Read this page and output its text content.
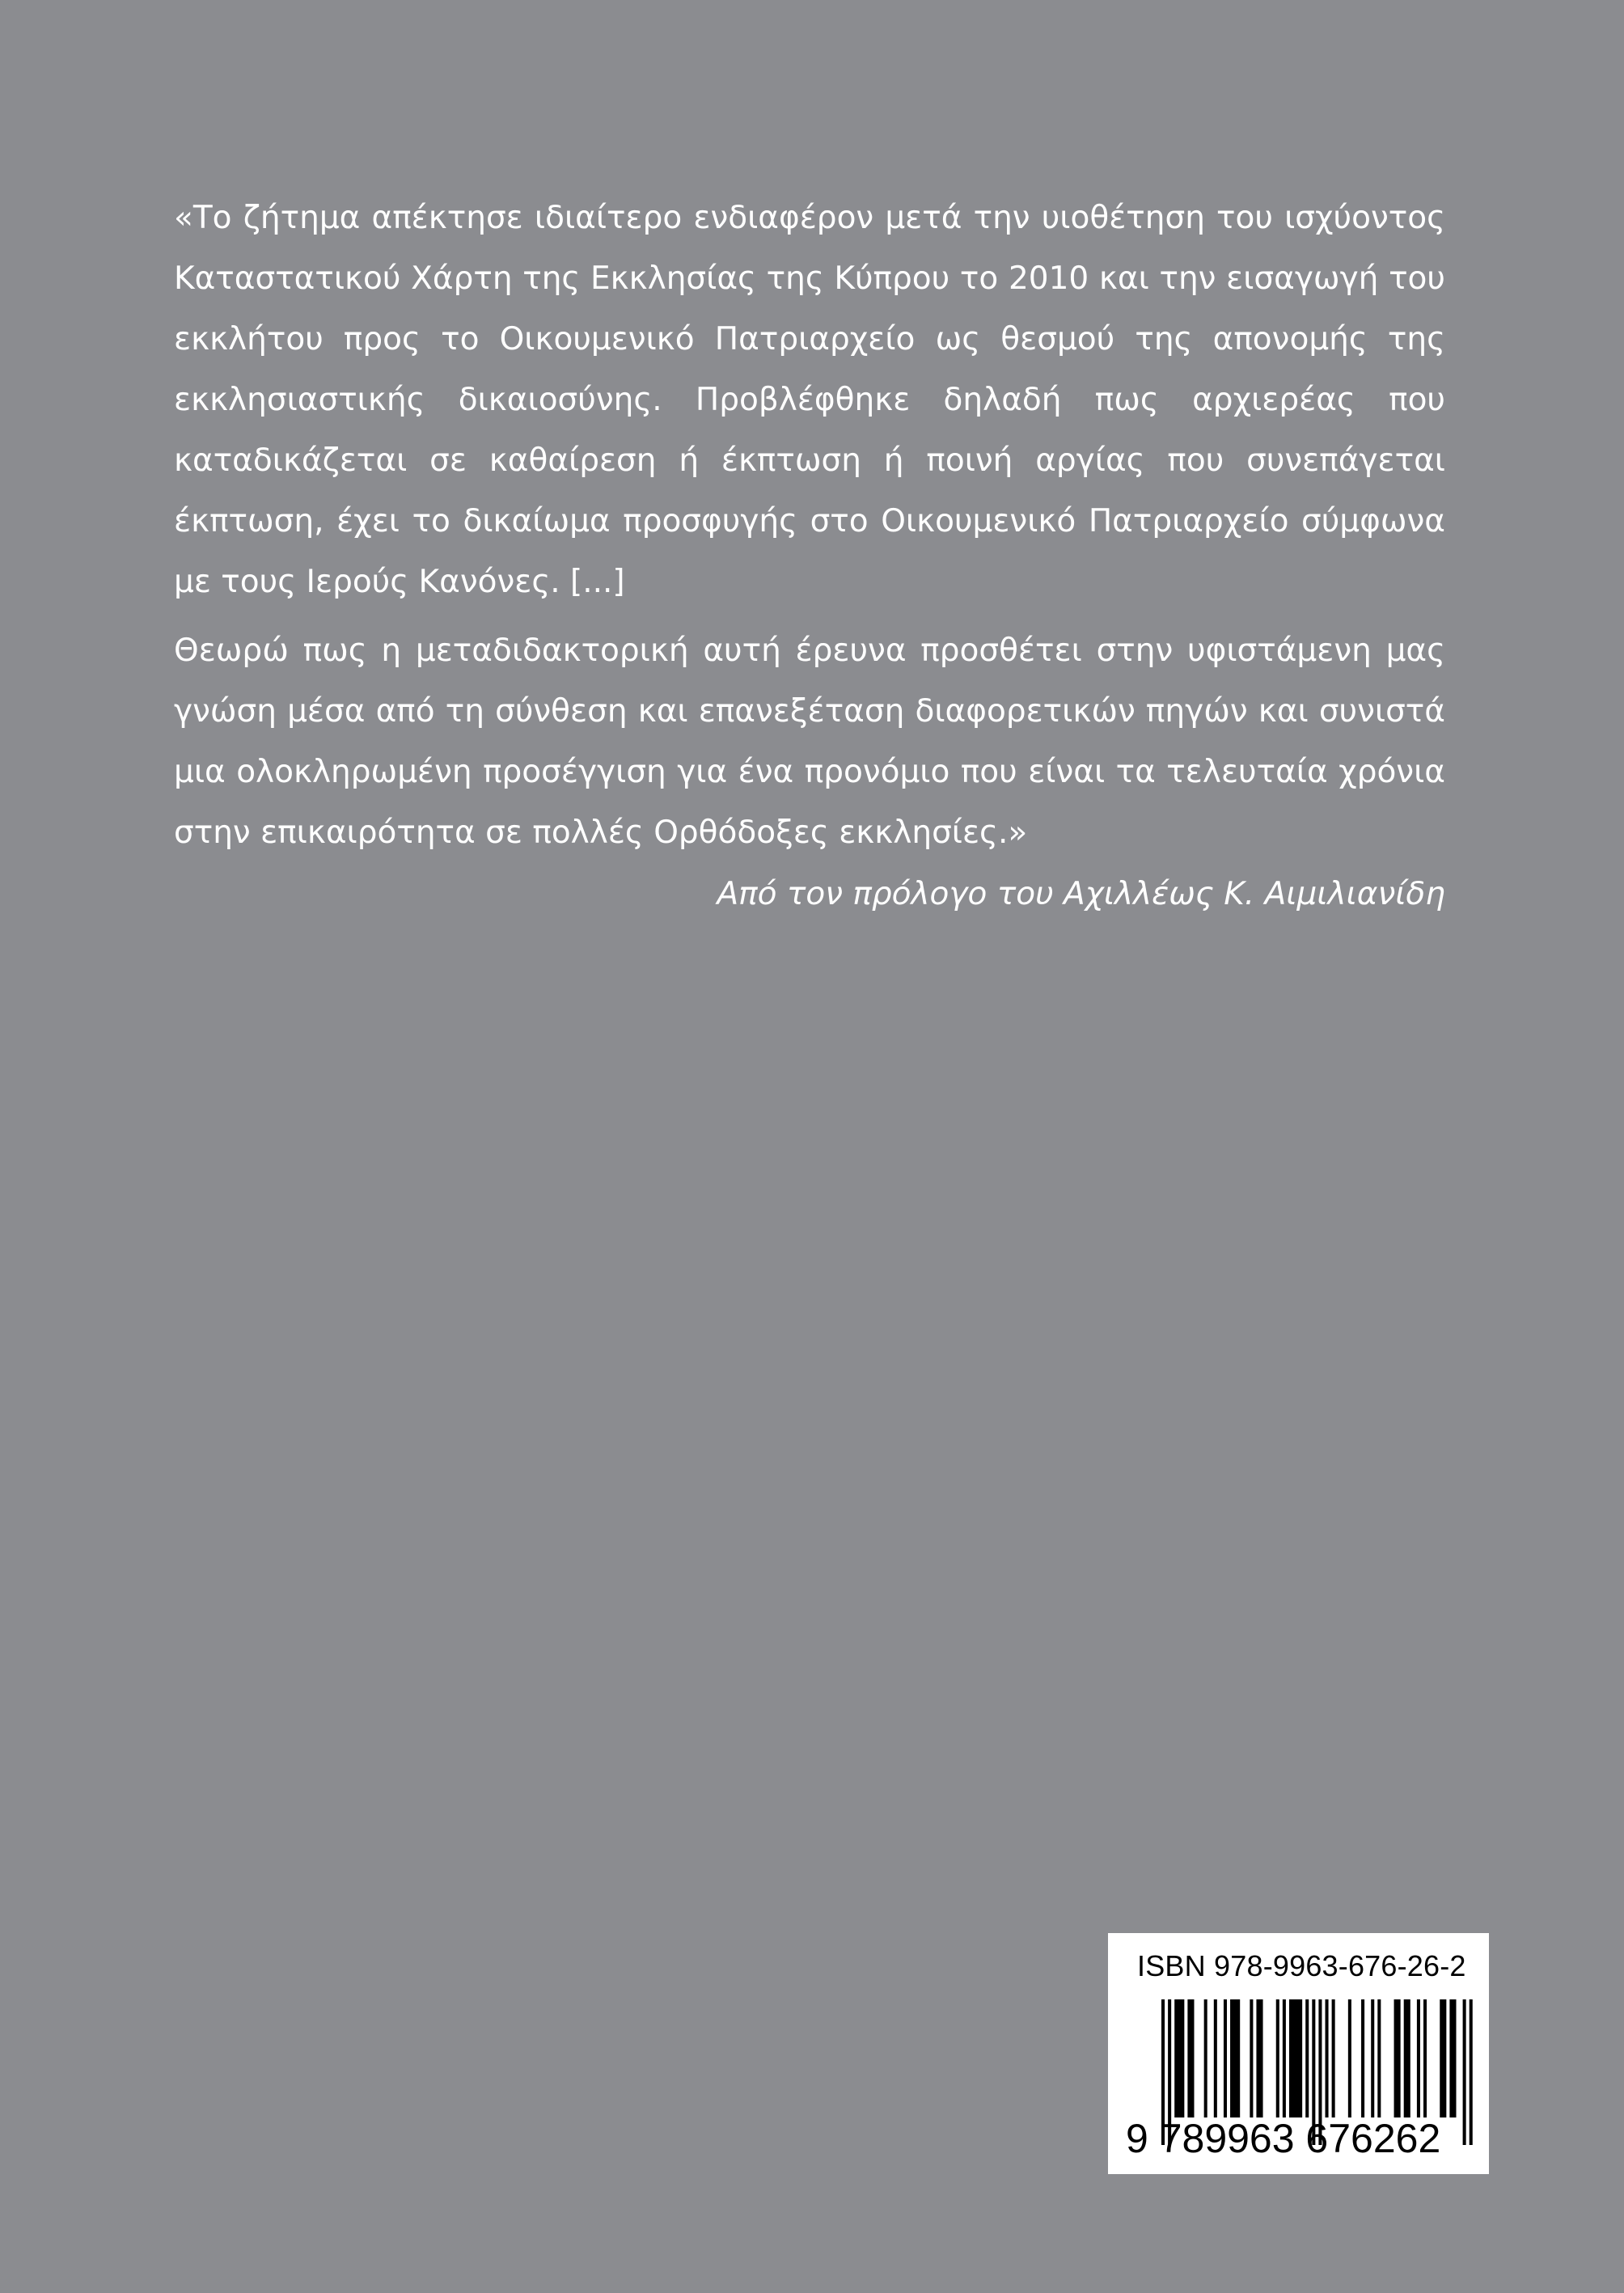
«Το ζήτημα απέκτησε ιδιαίτερο ενδιαφέρον μετά την υιοθέτηση του ισχύοντος Καταστατικού Χάρτη της Εκκλησίας της Κύπρου το 2010 και την εισαγωγή του εκκλήτου προς το Οικουμενικό Πατριαρχείο ως θεσμού της απονομής της εκκλησιαστικής δικαιοσύνης. Προβλέφθηκε δηλαδή πως αρχιερέας που καταδικάζεται σε καθαίρεση ή έκπτωση ή ποινή αργίας που συνεπάγεται έκπτωση, έχει το δικαίωμα προσφυγής στο Οικουμενικό Πατριαρχείο σύμφωνα με τους Ιερούς Κανόνες. [...]

Θεωρώ πως η μεταδιδακτορική αυτή έρευνα προσθέτει στην υφιστάμενη μας γνώση μέσα από τη σύνθεση και επανεξέταση διαφορετικών πηγών και συνιστά μια ολοκληρωμένη προσέγγιση για ένα προνόμιο που είναι τα τελευταία χρόνια στην επικαιρότητα σε πολλές Ορθόδοξες εκκλησίες.»

Από τον πρόλογο του Αχιλλέως Κ. Αιμιλιανίδη
ISBN 978-9963-676-26-2
9 789963 676262
